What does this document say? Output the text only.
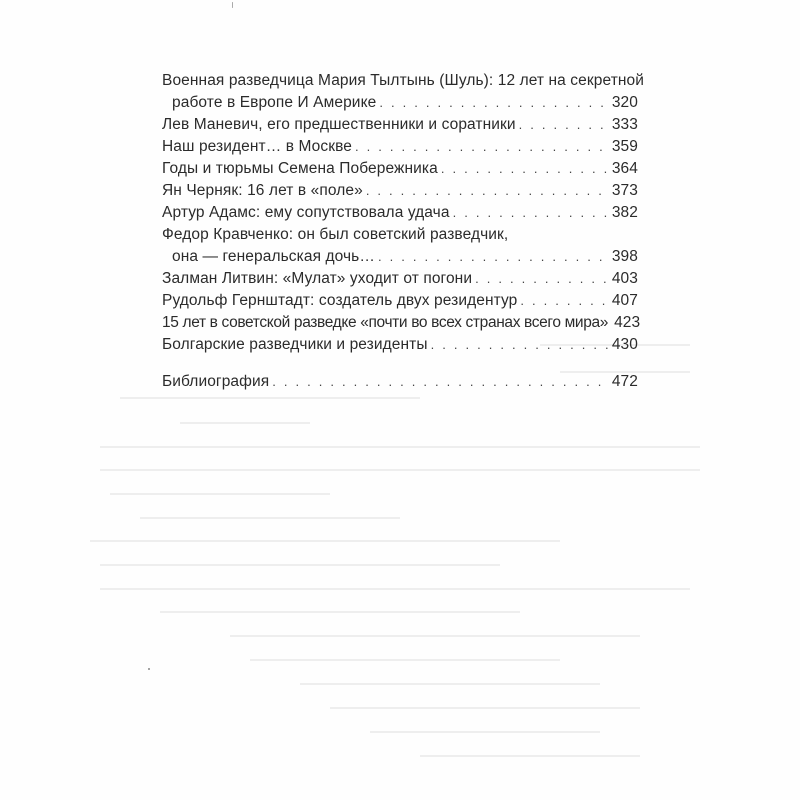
Военная разведчица Мария Тылтынь (Шуль): 12 лет на секретной
работе в Европе И Америке . . .	320
Лев Маневич, его предшественники и соратники . . .	333
Наш резидент… в Москве . . .	359
Годы и тюрьмы Семена Побережника . . .	364
Ян Черняк: 16 лет в «поле» . . .	373
Артур Адамс: ему сопутствовала удача . . .	382
Федор Кравченко: он был советский разведчик,
она — генеральская дочь… . . .	398
Залман Литвин: «Мулат» уходит от погони . . .	403
Рудольф Гернштадт: создатель двух резидентур . . .	407
15 лет в советской разведке «почти во всех странах всего мира» 423
Болгарские разведчики и резиденты . . .	430
Библиография . . .	472
